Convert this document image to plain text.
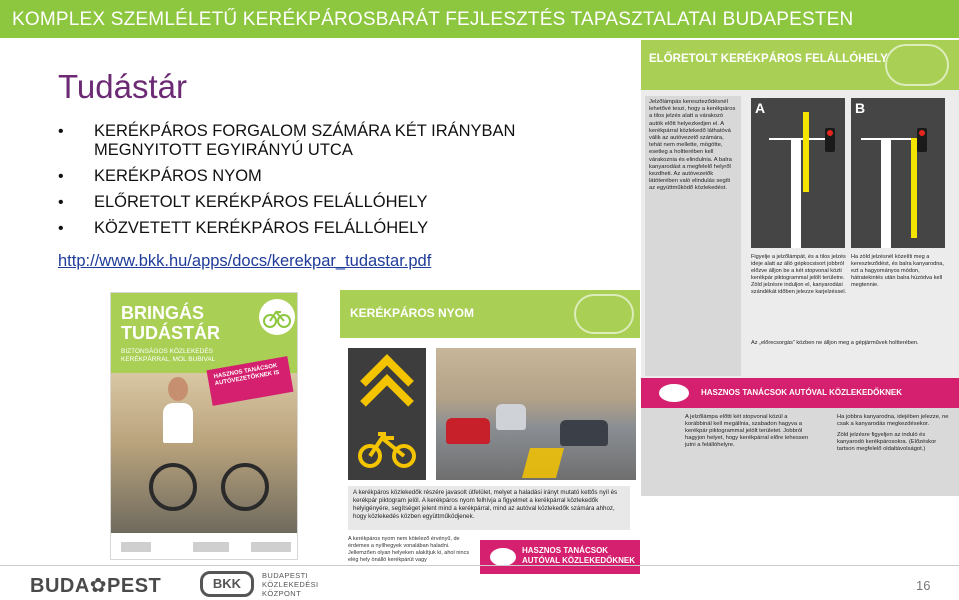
KOMPLEX SZEMLÉLETŰ KERÉKPÁROSBARÁT FEJLESZTÉS TAPASZTALATAI BUDAPESTEN
Tudástár
• KERÉKPÁROS FORGALOM SZÁMÁRA KÉT IRÁNYBAN MEGNYITOTT EGYIRÁNYÚ UTCA
• KERÉKPÁROS NYOM
• ELŐRETOLT KERÉKPÁROS FELÁLLÓHELY
• KÖZVETETT KERÉKPÁROS FELÁLLÓHELY
http://www.bkk.hu/apps/docs/kerekpar_tudastar.pdf
BRINGÁS TUDÁSTÁR
BIZTONSÁGOS KÖZLEKEDÉS KERÉKPÁRRAL, MOL BUBIVAL
HASZNOS TANÁCSOK AUTÓVEZETŐKNEK IS
KERÉKPÁROS NYOM
A kerékpáros közlekedők részére javasolt útfelület, melyet a haladási irányt mutató kettős nyíl és kerékpár piktogram jelöl. A kerékpáros nyom felhívja a figyelmet a kerékpárral közlekedők helyigényére, segítséget jelent mind a kerékpárral, mind az autóval közlekedők számára ahhoz, hogy közlekedés közben együttműködjenek.
A kerékpáros nyom nem kötelező érvényű, de érdemes a nyílhegyek vonalában haladni. Jellemzően olyan helyeken alakítjuk ki, ahol nincs elég hely önálló kerékpárút vagy
HASZNOS TANÁCSOK AUTÓVAL KÖZLEKEDŐKNEK
ELŐRETOLT KERÉKPÁROS FELÁLLÓHELY
Jelzőlámpás kereszteződésnél lehetővé teszi, hogy a kerékpáros a tilos jelzés alatt a várakozó autók előtt helyezkedjen el. A kerékpárral közlekedő láthatóvá válik az autóvezető számára, tehát nem mellette, mögötte, esetleg a holtterében kell várakoznia és elindulnia. A balra kanyarodást a megfelelő helyről kezdheti. Az autóvezetők látóterében való elindulás segíti az együttműködő közlekedést.
A	B
Figyelje a jelzőlámpát, és a tilos jelzés ideje alatt az álló gépkocsisort jobbról előzve álljon be a két stopvonal közti kerékpár piktogrammal jelölt területre. Zöld jelzésre induljon el, kanyarodási szándékát időben jelezze karjelzéssel.
Ha zöld jelzésnél közelíti meg a kereszteződést, és balra kanyarodna, ezt a hagyományos módon, hátratekintés után balra húzódva kell megtennie.
Az „előrecsorgás” közben ne álljon meg a gépjárművek holtterében.
HASZNOS TANÁCSOK AUTÓVAL KÖZLEKEDŐKNEK
A jelzőlámpa előtti két stopvonal közül a korábbinál kell megállnia, szabadon hagyva a kerékpár piktogrammal jelölt területet. Jobbról hagyjon helyet, hogy kerékpárral előre lehessen jutni a felállóhelyre.
Ha jobbra kanyarodna, idejében jelezze, ne csak a kanyarodás megkezdésekor.
Zöld jelzésre figyeljen az induló és kanyarodó kerékpárosokra. (Előzéskor tartson megfelelő oldaltávolságot.)
BUDA✿PEST	BKK
BUDAPESTI KÖZLEKEDÉSI KÖZPONT
16
